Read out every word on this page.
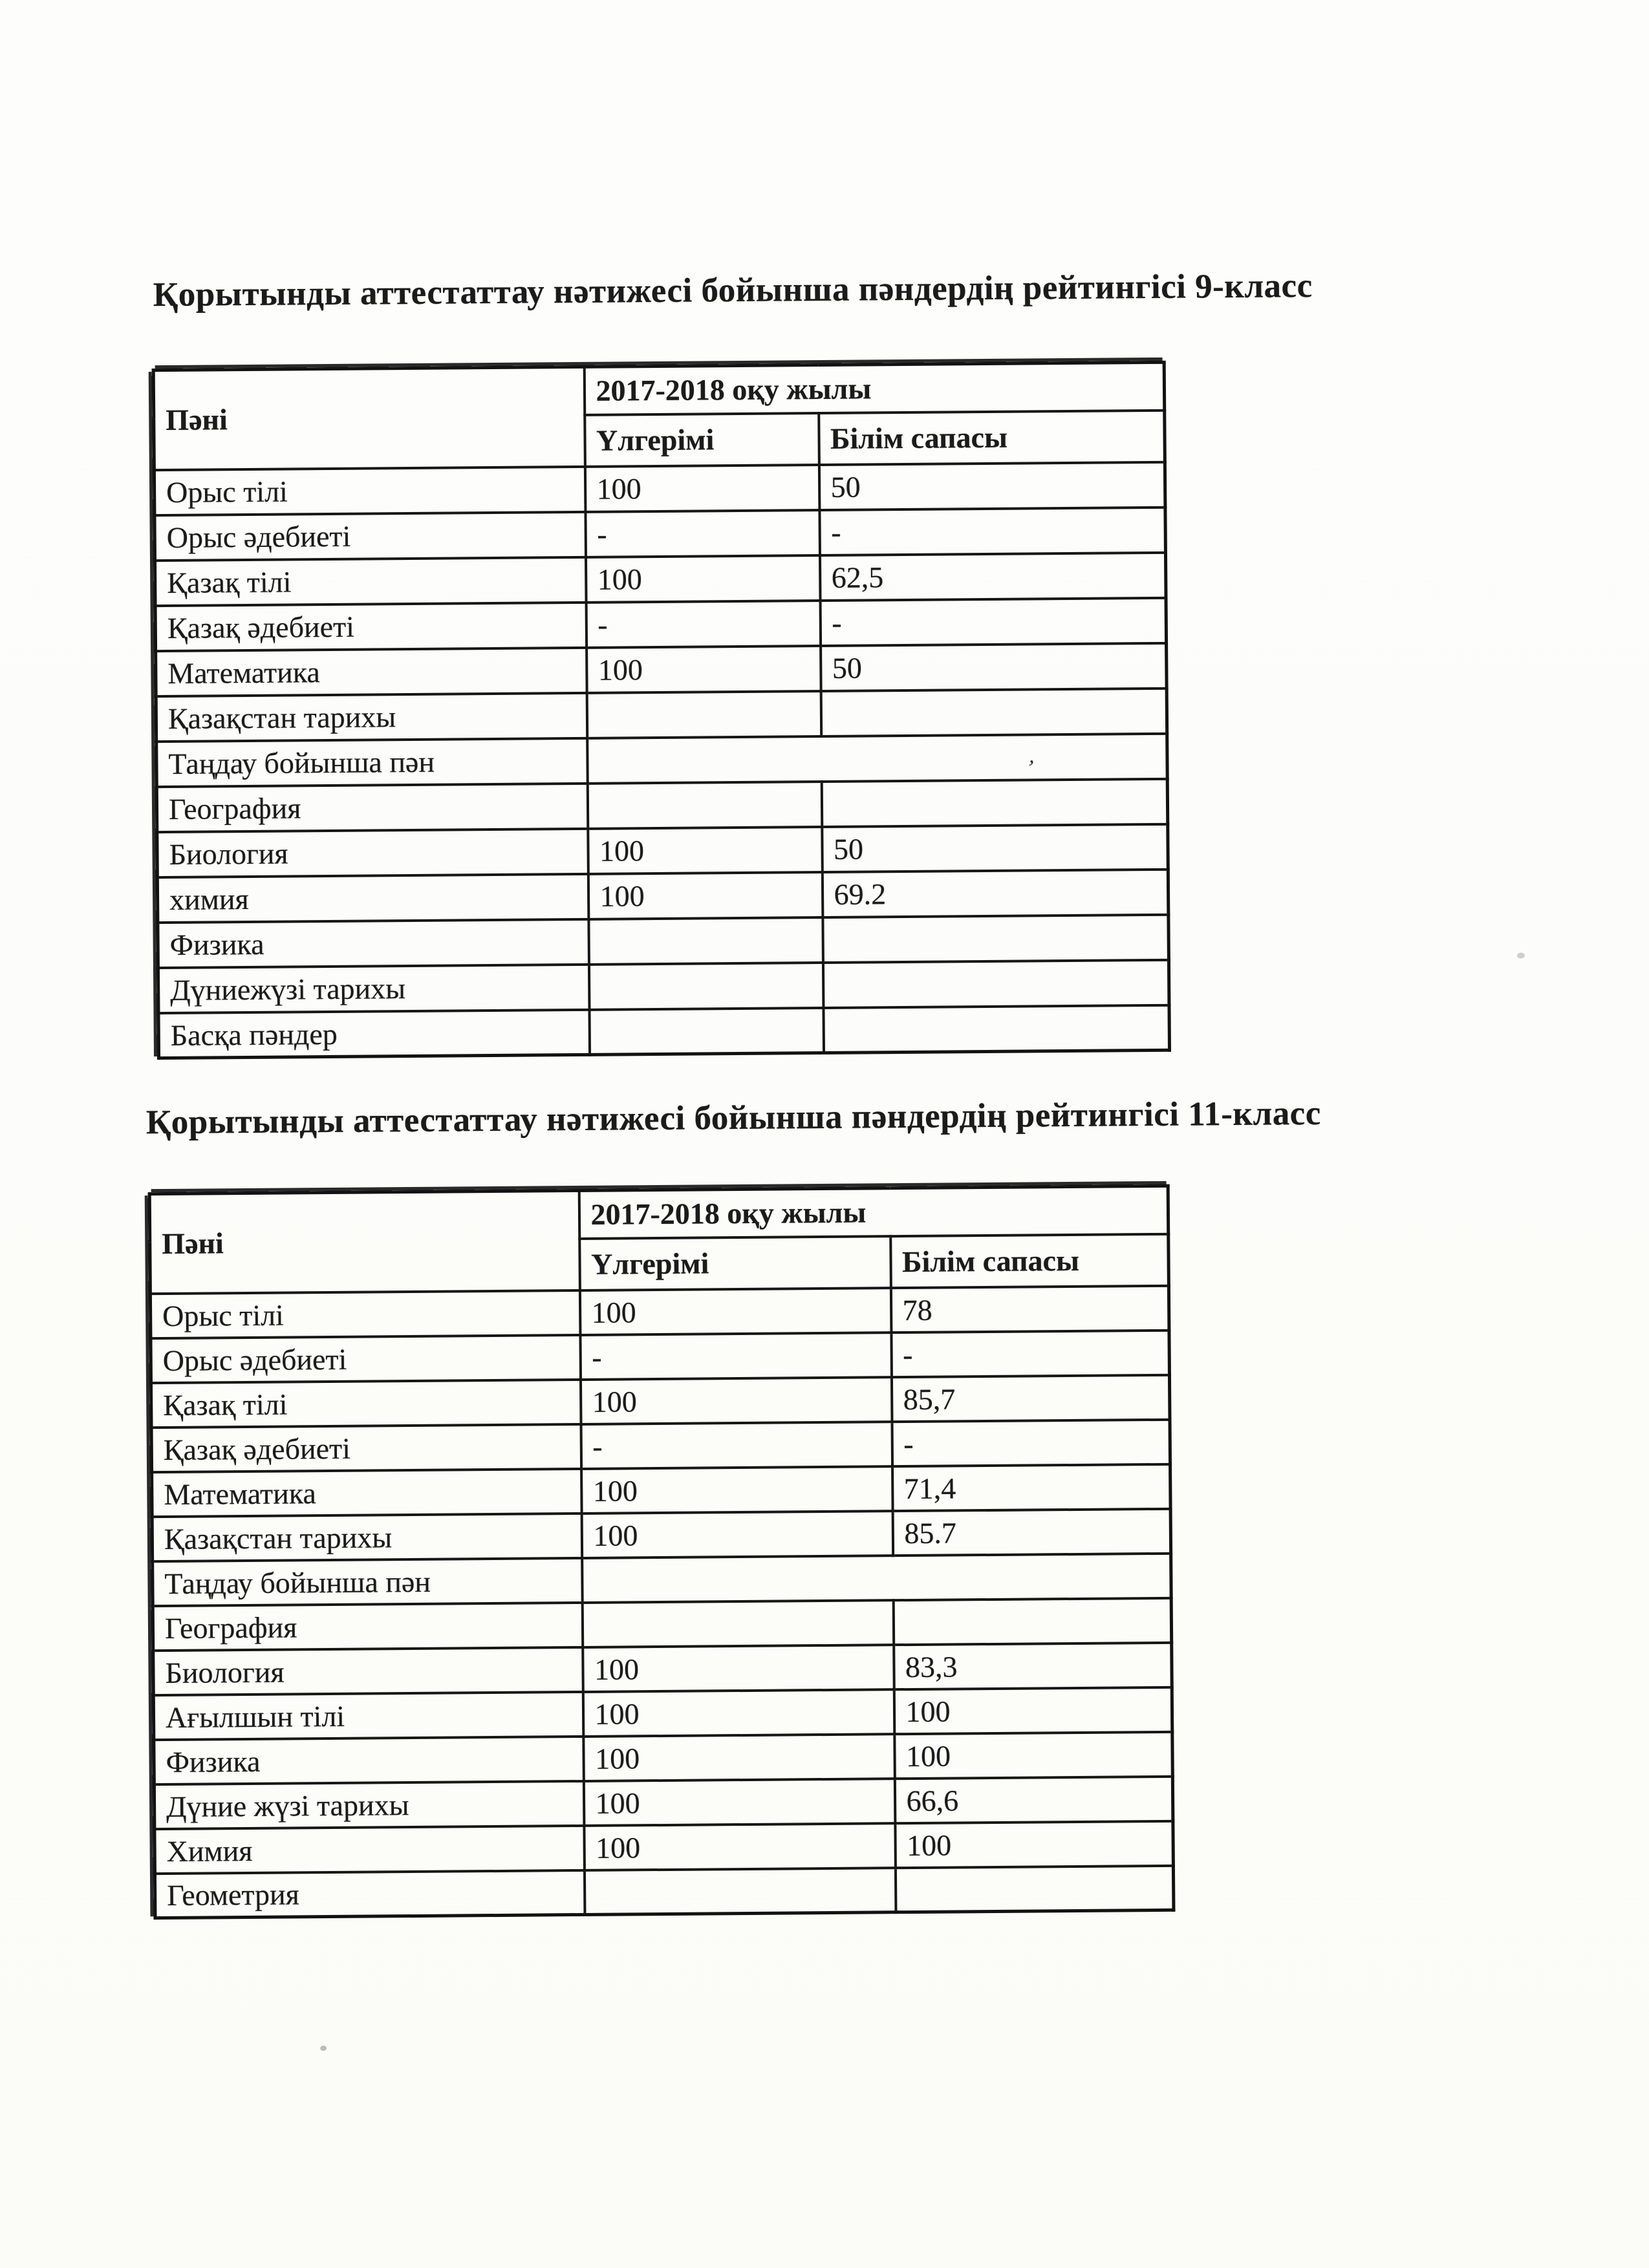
Қорытынды аттестаттау нәтижесі бойынша пәндердің рейтингісі 9-класс
Пәні	2017-2018 оқу жылы	
	Үлгерімі	Білім сапасы
Орыс тілі	100	50
Орыс әдебиеті	-	-
Қазақ тілі	100	62,5
Қазақ әдебиеті	-	-
Математика	100	50
Қазақстан тарихы		
Таңдау бойынша пән		
География		
Биология	100	50
химия	100	69.2
Физика		
Дүниежүзі тарихы		
Басқа пәндер		
Қорытынды аттестаттау нәтижесі бойынша пәндердің рейтингісі 11-класс
Пәні	2017-2018 оқу жылы	
	Үлгерімі	Білім сапасы
Орыс тілі	100	78
Орыс әдебиеті	-	-
Қазақ тілі	100	85,7
Қазақ әдебиеті	-	-
Математика	100	71,4
Қазақстан тарихы	100	85.7
Таңдау бойынша пән		
География		
Биология	100	83,3
Ағылшын тілі	100	100
Физика	100	100
Дүние жүзі тарихы	100	66,6
Химия	100	100
Геометрия		
’
